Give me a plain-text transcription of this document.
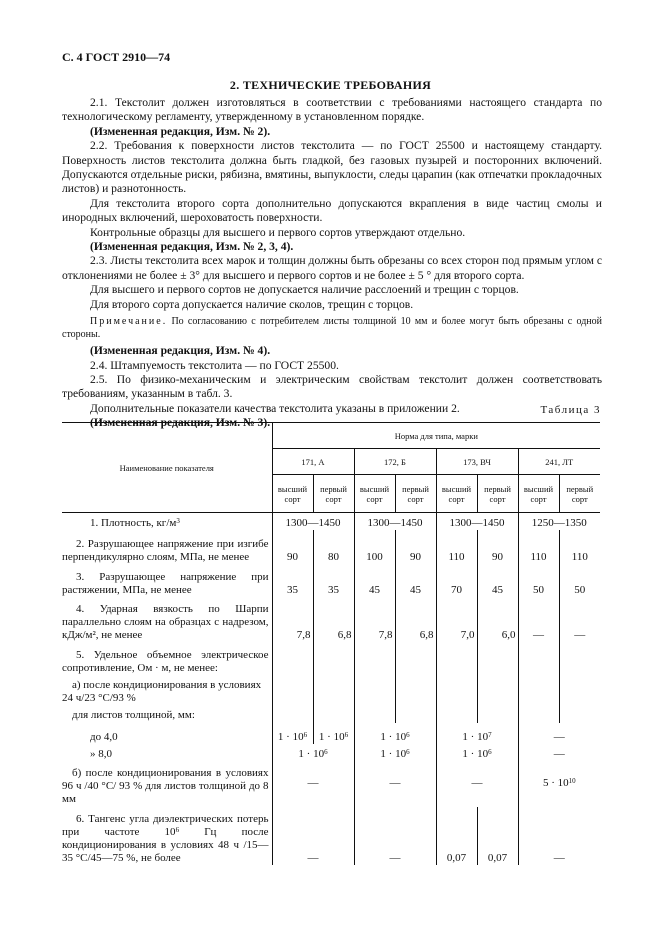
С. 4 ГОСТ 2910—74
2. ТЕХНИЧЕСКИЕ ТРЕБОВАНИЯ

2.1. Текстолит должен изготовляться в соответствии с требованиями настоящего стандарта по технологическому регламенту, утвержденному в установленном порядке.

(Измененная редакция, Изм. № 2).

2.2. Требования к поверхности листов текстолита — по ГОСТ 25500 и настоящему стандарту. Поверхность листов текстолита должна быть гладкой, без газовых пузырей и посторонних включений. Допускаются отдельные риски, рябизна, вмятины, выпуклости, следы царапин (как отпечатки прокладочных листов) и разнотонность.

Для текстолита второго сорта дополнительно допускаются вкрапления в виде частиц смолы и инородных включений, шероховатость поверхности.

Контрольные образцы для высшего и первого сортов утверждают отдельно.

(Измененная редакция, Изм. № 2, 3, 4).

2.3. Листы текстолита всех марок и толщин должны быть обрезаны со всех сторон под прямым углом с отклонениями не более ± 3° для высшего и первого сортов и не более ± 5 ° для второго сорта.

Для высшего и первого сортов не допускается наличие расслоений и трещин с торцов.

Для второго сорта допускается наличие сколов, трещин с торцов.

Примечание. По согласованию с потребителем листы толщиной 10 мм и более могут быть обрезаны с одной стороны.

(Измененная редакция, Изм. № 4).

2.4. Штампуемость текстолита — по ГОСТ 25500.

2.5. По физико-механическим и электрическим свойствам текстолит должен соответствовать требованиям, указанным в табл. 3.

Дополнительные показатели качества текстолита указаны в приложении 2.

(Измененная редакция, Изм. № 3).

Таблица 3
Наименование показателя	Норма для типа, марки							
	171, А		172, Б		173, ВЧ		241, ЛТ	
	высший сорт	первый сорт	высший сорт	первый сорт	высший сорт	первый сорт	высший сорт	первый сорт
1. Плотность, $кг/м^3$	1300—1450		1300—1450		1300—1450		1250—1350	
2. Разрушающее напряжение при изгибе перпендикулярно слоям, МПа, не менее	90	80	100	90	110	90	110	110
3. Разрушающее напряжение при растяжении, МПа, не менее	35	35	45	45	70	45	50	50
4. Ударная вязкость по Шарпи параллельно слоям на образцах с надрезом, кДж/м², не менее	7,8	6,8	7,8	6,8	7,0	6,0	—	—
5. Удельное объемное электрическое сопротивление, Ом · м, не менее:								
а) после кондиционирования в условиях 24 ч/23 °С/93 %								
для листов толщиной, мм:								
до 4,0	$1 \cdot 10^6$	$1 \cdot 10^6$	$1 \cdot 10^6$		$1 \cdot 10^7$		—	
» 8,0	$1 \cdot 10^6$		$1 \cdot 10^6$		$1 \cdot 10^6$		—	
б) после кондиционирования в условиях 96 ч /40 °С/ 93 % для листов толщиной до 8 мм	—		—		—		$5 \cdot 10^{10}$
6. Тангенс угла диэлектрических потерь при частоте $10^6$ Гц после кондиционирования в условиях 48 ч /15—35 °С/45—75 %, не более	—		—		0,07	0,07	—	
